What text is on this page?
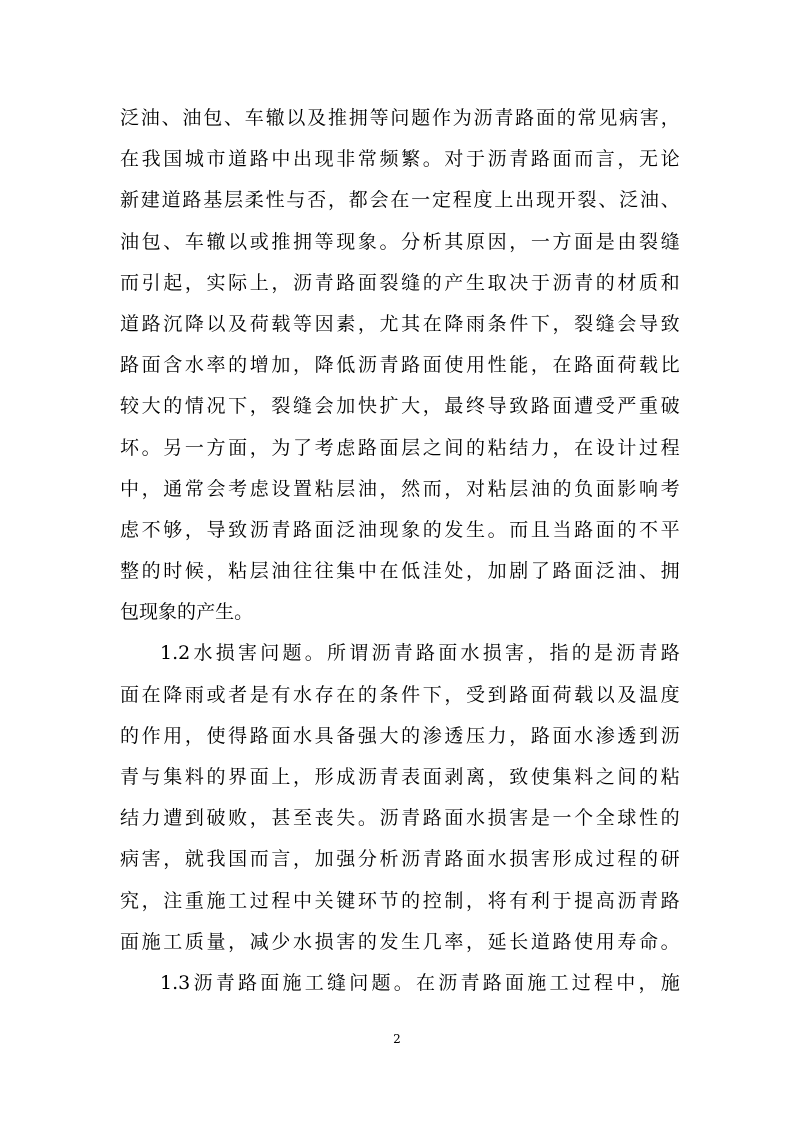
泛 油 、 油 包 、 车 辙 以 及 推 拥 等 问 题 作 为 沥 青 路 面 的 常 见 病 害 ，
在 我 国 城 市 道 路 中 出 现 非 常 频 繁 。 对 于 沥 青 路 面 而 言 ， 无 论
新 建 道 路 基 层 柔 性 与 否 ， 都 会 在 一 定 程 度 上 出 现 开 裂 、 泛 油 、
油 包 、 车 辙 以 或 推 拥 等 现 象 。 分 析 其 原 因 ， 一 方 面 是 由 裂 缝
而 引 起 ， 实 际 上 ， 沥 青 路 面 裂 缝 的 产 生 取 决 于 沥 青 的 材 质 和
道 路 沉 降 以 及 荷 载 等 因 素 ， 尤 其 在 降 雨 条 件 下 ， 裂 缝 会 导 致
路 面 含 水 率 的 增 加 ， 降 低 沥 青 路 面 使 用 性 能 ， 在 路 面 荷 载 比
较 大 的 情 况 下 ， 裂 缝 会 加 快 扩 大 ， 最 终 导 致 路 面 遭 受 严 重 破
坏 。 另 一 方 面 ， 为 了 考 虑 路 面 层 之 间 的 粘 结 力 ， 在 设 计 过 程
中 ， 通 常 会 考 虑 设 置 粘 层 油 ， 然 而 ， 对 粘 层 油 的 负 面 影 响 考
虑 不 够 ， 导 致 沥 青 路 面 泛 油 现 象 的 发 生 。 而 且 当 路 面 的 不 平
整 的 时 候 ， 粘 层 油 往 往 集 中 在 低 洼 处 ， 加 剧 了 路 面 泛 油 、 拥
包 现 象 的 产 生 。
1.2 水 损 害 问 题 。 所 谓 沥 青 路 面 水 损 害 ， 指 的 是 沥 青 路
面 在 降 雨 或 者 是 有 水 存 在 的 条 件 下 ， 受 到 路 面 荷 载 以 及 温 度
的 作 用 ， 使 得 路 面 水 具 备 强 大 的 渗 透 压 力 ， 路 面 水 渗 透 到 沥
青 与 集 料 的 界 面 上 ， 形 成 沥 青 表 面 剥 离 ， 致 使 集 料 之 间 的 粘
结 力 遭 到 破 败 ， 甚 至 丧 失 。 沥 青 路 面 水 损 害 是 一 个 全 球 性 的
病 害 ， 就 我 国 而 言 ， 加 强 分 析 沥 青 路 面 水 损 害 形 成 过 程 的 研
究 ， 注 重 施 工 过 程 中 关 键 环 节 的 控 制 ， 将 有 利 于 提 高 沥 青 路
面 施 工 质 量 ， 减 少 水 损 害 的 发 生 几 率 ， 延 长 道 路 使 用 寿 命 。
1.3 沥 青 路 面 施 工 缝 问 题 。 在 沥 青 路 面 施 工 过 程 中 ， 施
2
